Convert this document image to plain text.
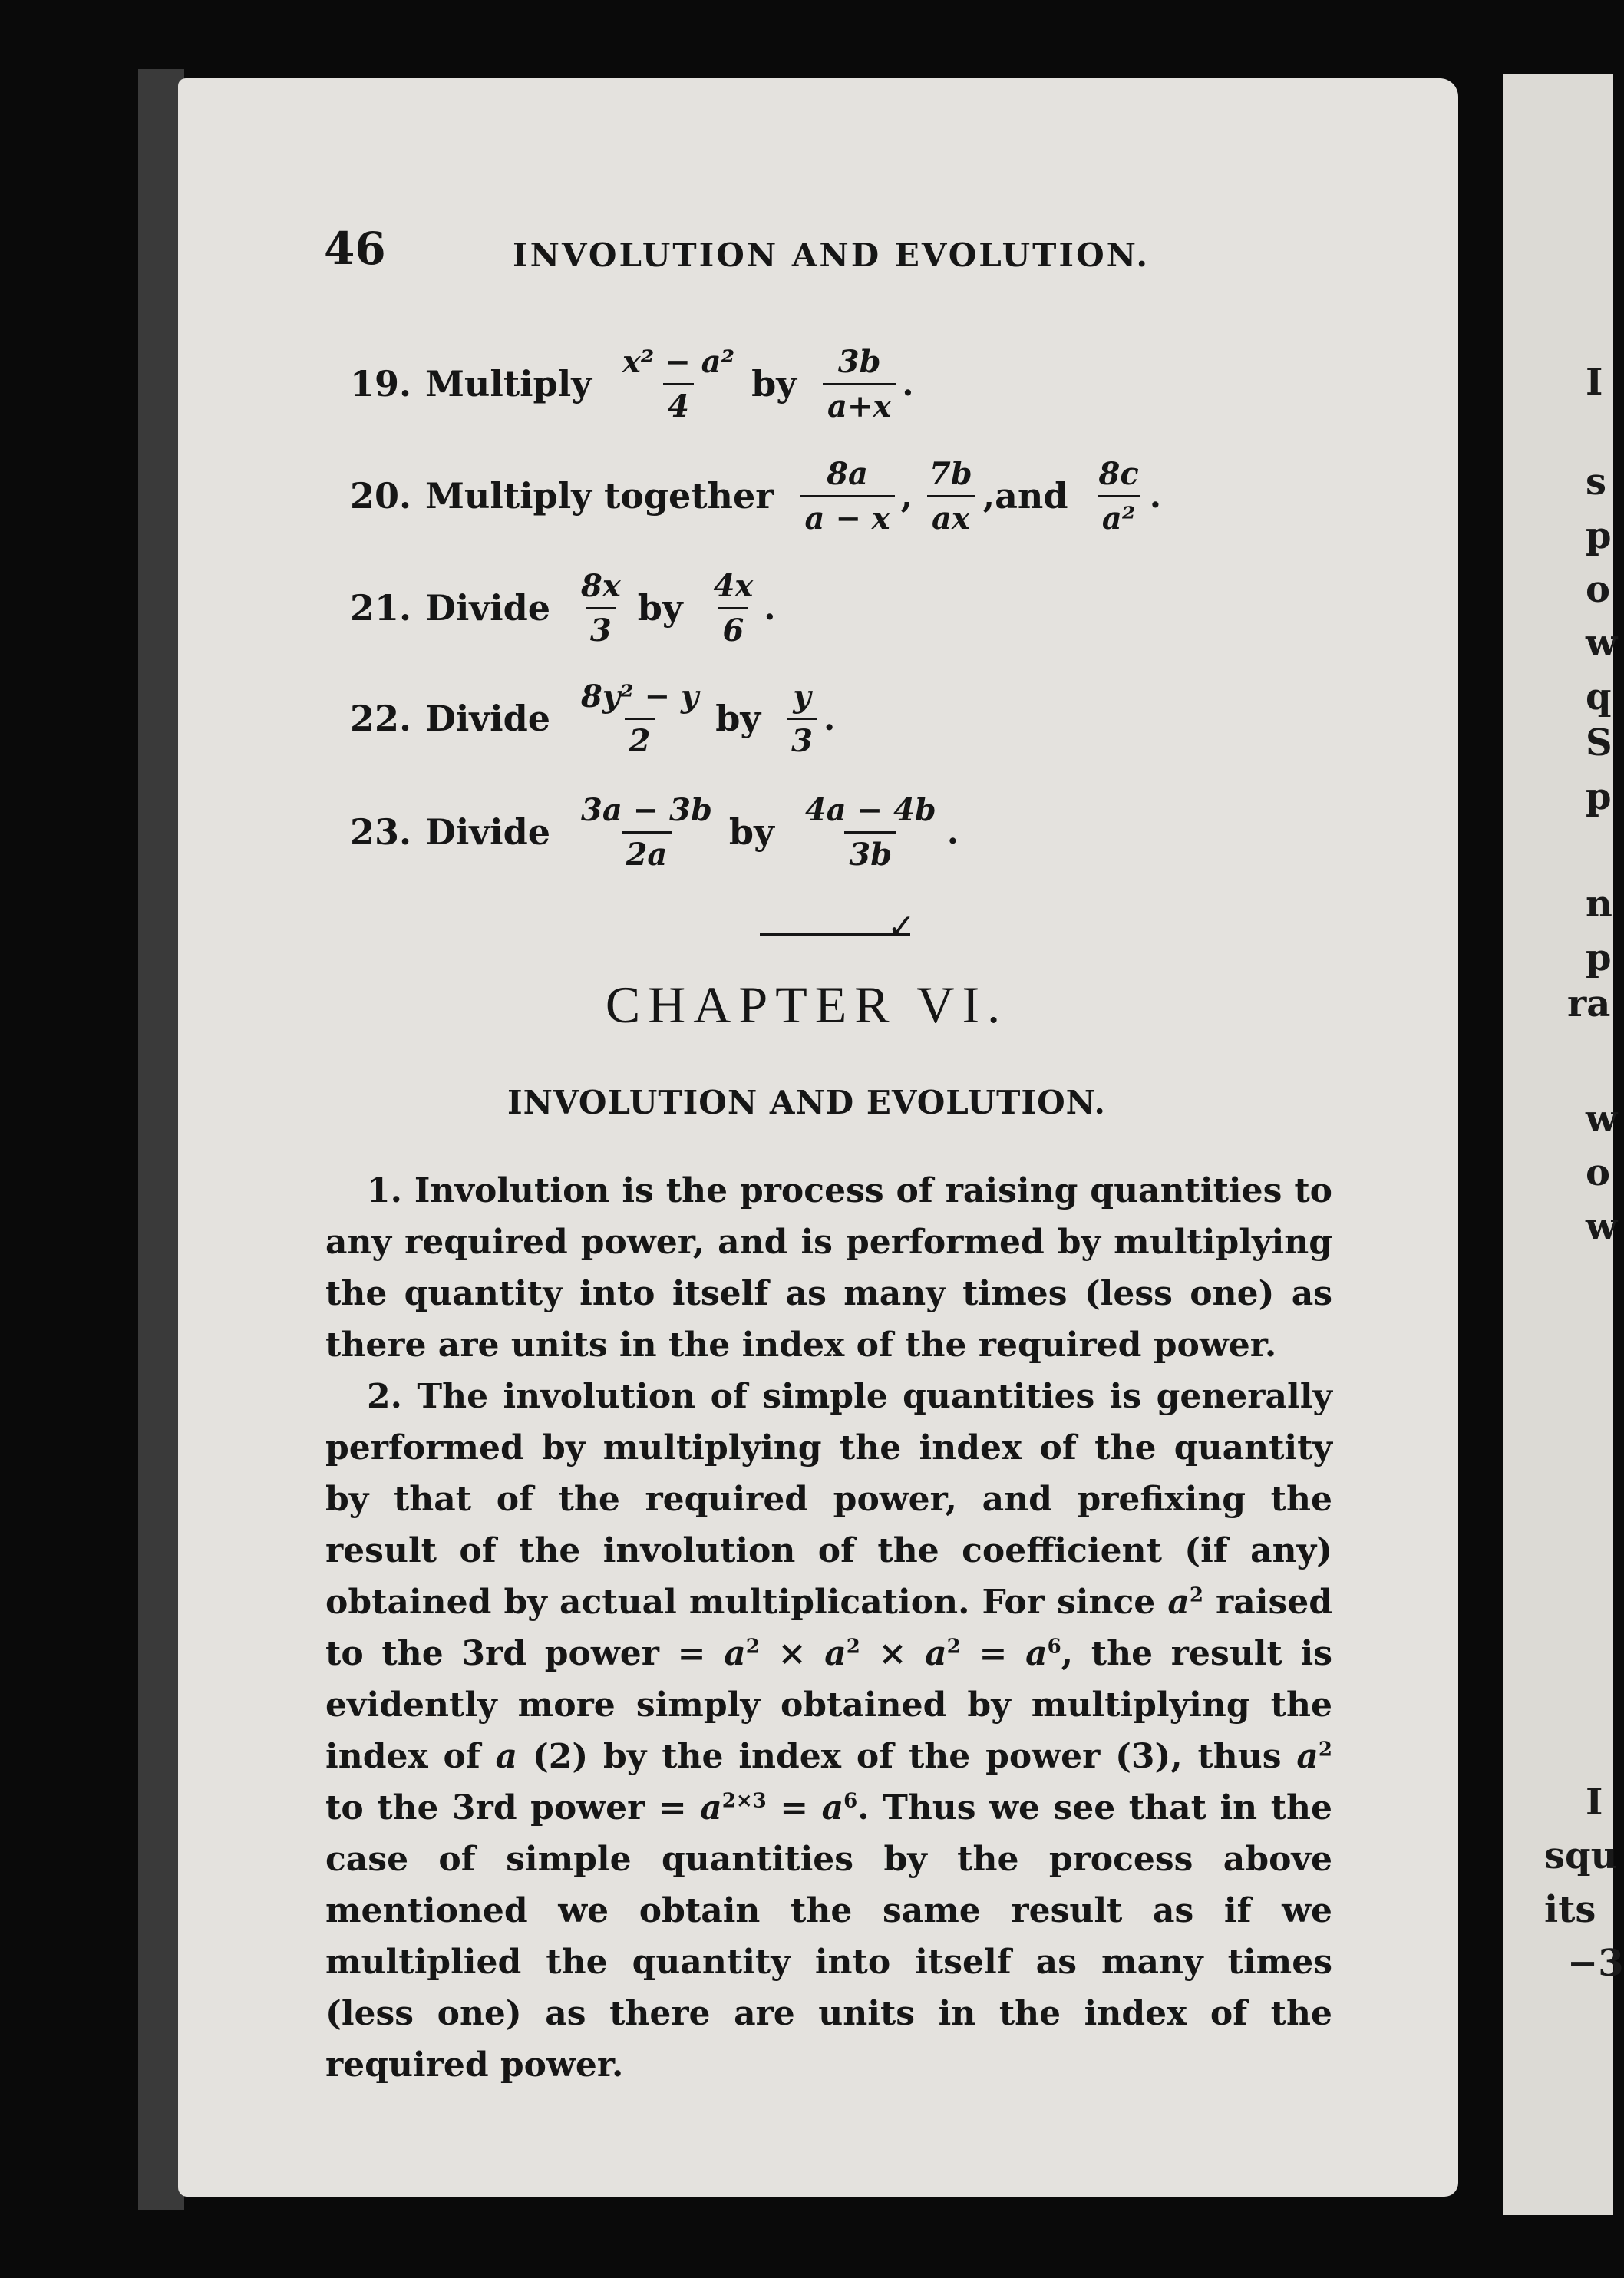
46	INVOLUTION AND EVOLUTION.
19. Multiply $\frac{\text{x² − a²}}{4}$ by $\frac{3b}{a+x}$ .
20. Multiply together $\frac{8a}{a - x}$ , $\frac{7b}{ax}$ , and $\frac{8c}{\text{a²}}$ .
21. Divide $\frac{8x}{3}$ by $\frac{4x}{6}$ .
22. Divide $\frac{\text{8y² − y}}{2}$ by $\frac{y}{3}$ .
23. Divide $\frac{3a - 3b}{2a}$ by $\frac{4a - 4b}{3b}$ .
✓
CHAPTER VI.
INVOLUTION AND EVOLUTION.

1. Involution is the process of raising quantities to any required power, and is performed by multiplying the quantity into itself as many times (less one) as there are units in the index of the required power.

2. The involution of simple quantities is generally performed by multiplying the index of the quantity by that of the required power, and prefixing the result of the involution of the coefficient (if any) obtained by actual multiplication. For since $a^2$ raised to the 3rd power = $a^2 \times a^2 \times a^2 = a^6$, the result is evidently more simply obtained by multiplying the index of a (2) by the index of the power (3), thus $a^2$ to the 3rd power = $a^{2\times 3} = a^6$. Thus we see that in the case of simple quantities by the process above mentioned we obtain the same result as if we multiplied the quantity into itself as many times (less one) as there are units in the index of the required power.

I
s
p
o
w
q
S
p
n
p
ra
w
o
w
I
squ
its
−3
